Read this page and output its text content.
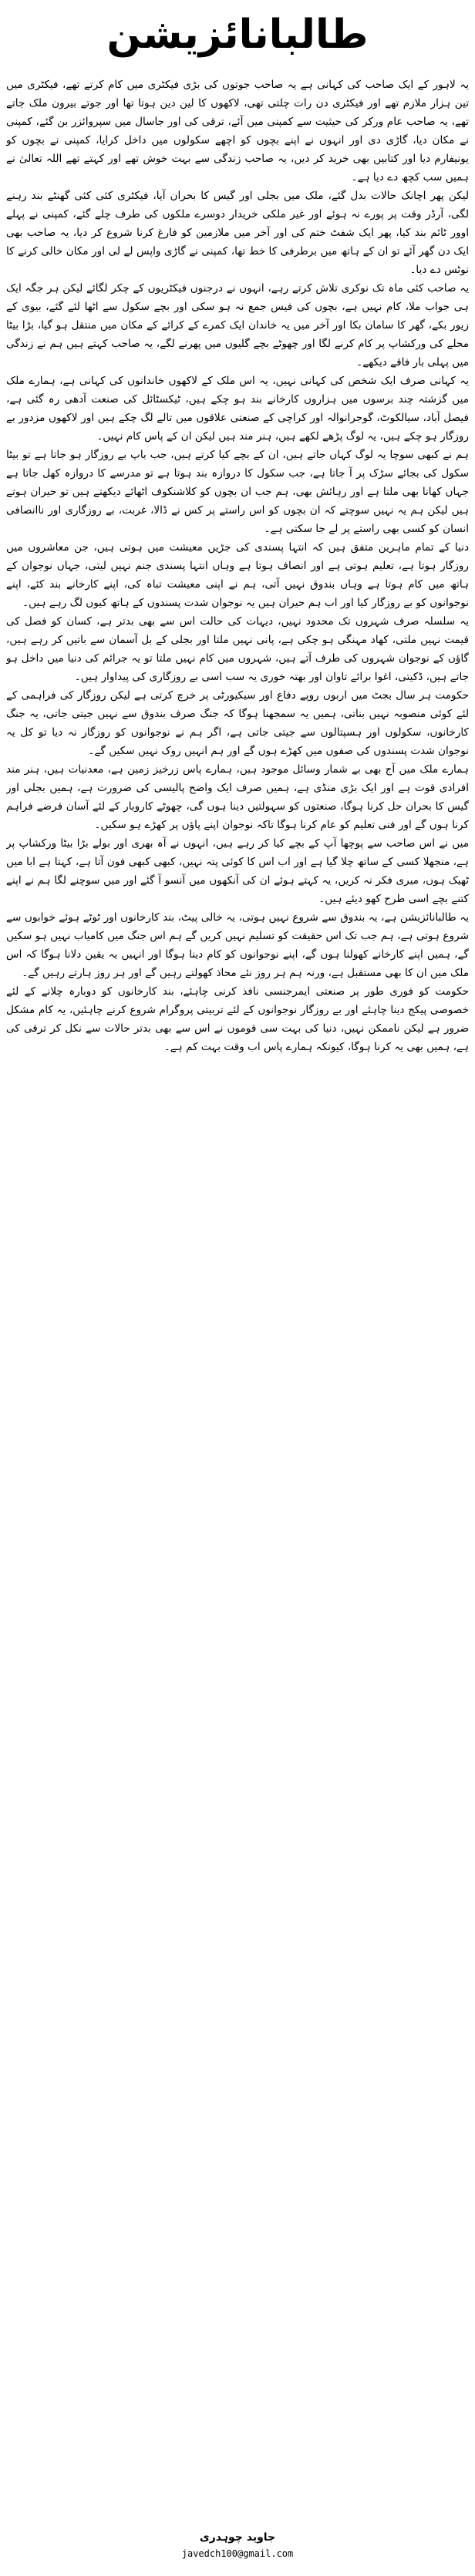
طالبانائزیشن

یہ لاہور کے ایک صاحب کی کہانی ہے یہ صاحب جوتوں کی بڑی فیکٹری میں کام کرتے تھے، فیکٹری میں تین ہزار ملازم تھے اور فیکٹری دن رات چلتی تھی، لاکھوں کا لین دین ہوتا تھا اور جوتے بیرون ملک جاتے تھے، یہ صاحب عام ورکر کی حیثیت سے کمپنی میں آئے، ترقی کی اور جاسال میں سپروائزر بن گئے، کمپنی نے مکان دیا، گاڑی دی اور انہوں نے اپنے بچوں کو اچھے سکولوں میں داخل کرایا، کمپنی نے بچوں کو یونیفارم دیا اور کتابیں بھی خرید کر دیں، یہ صاحب زندگی سے بہت خوش تھے اور کہتے تھے اللہ تعالیٰ نے ہمیں سب کچھ دے دیا ہے۔

لیکن پھر اچانک حالات بدل گئے، ملک میں بجلی اور گیس کا بحران آیا، فیکٹری کئی کئی گھنٹے بند رہنے لگی، آرڈر وقت پر پورے نہ ہوئے اور غیر ملکی خریدار دوسرے ملکوں کی طرف چلے گئے، کمپنی نے پہلے اوور ٹائم بند کیا، پھر ایک شفٹ ختم کی اور آخر میں ملازمین کو فارغ کرنا شروع کر دیا، یہ صاحب بھی ایک دن گھر آئے تو ان کے ہاتھ میں برطرفی کا خط تھا، کمپنی نے گاڑی واپس لے لی اور مکان خالی کرنے کا نوٹس دے دیا۔

یہ صاحب کئی ماہ تک نوکری تلاش کرتے رہے، انہوں نے درجنوں فیکٹریوں کے چکر لگائے لیکن ہر جگہ ایک ہی جواب ملا، کام نہیں ہے، بچوں کی فیس جمع نہ ہو سکی اور بچے سکول سے اٹھا لئے گئے، بیوی کے زیور بکے، گھر کا سامان بکا اور آخر میں یہ خاندان ایک کمرے کے کرائے کے مکان میں منتقل ہو گیا، بڑا بیٹا محلے کی ورکشاپ پر کام کرنے لگا اور چھوٹے بچے گلیوں میں پھرنے لگے، یہ صاحب کہتے ہیں ہم نے زندگی میں پہلی بار فاقے دیکھے۔

یہ کہانی صرف ایک شخص کی کہانی نہیں، یہ اس ملک کے لاکھوں خاندانوں کی کہانی ہے، ہمارے ملک میں گزشتہ چند برسوں میں ہزاروں کارخانے بند ہو چکے ہیں، ٹیکسٹائل کی صنعت آدھی رہ گئی ہے، فیصل آباد، سیالکوٹ، گوجرانوالہ اور کراچی کے صنعتی علاقوں میں تالے لگ چکے ہیں اور لاکھوں مزدور بے روزگار ہو چکے ہیں، یہ لوگ پڑھے لکھے ہیں، ہنر مند ہیں لیکن ان کے پاس کام نہیں۔

ہم نے کبھی سوچا یہ لوگ کہاں جاتے ہیں، ان کے بچے کیا کرتے ہیں، جب باپ بے روزگار ہو جاتا ہے تو بیٹا سکول کی بجائے سڑک پر آ جاتا ہے، جب سکول کا دروازہ بند ہوتا ہے تو مدرسے کا دروازہ کھل جاتا ہے جہاں کھانا بھی ملتا ہے اور رہائش بھی، ہم جب ان بچوں کو کلاشنکوف اٹھائے دیکھتے ہیں تو حیران ہوتے ہیں لیکن ہم یہ نہیں سوچتے کہ ان بچوں کو اس راستے پر کس نے ڈالا، غربت، بے روزگاری اور ناانصافی انسان کو کسی بھی راستے پر لے جا سکتی ہے۔

دنیا کے تمام ماہرین متفق ہیں کہ انتہا پسندی کی جڑیں معیشت میں ہوتی ہیں، جن معاشروں میں روزگار ہوتا ہے، تعلیم ہوتی ہے اور انصاف ہوتا ہے وہاں انتہا پسندی جنم نہیں لیتی، جہاں نوجوان کے ہاتھ میں کام ہوتا ہے وہاں بندوق نہیں آتی، ہم نے اپنی معیشت تباہ کی، اپنے کارخانے بند کئے، اپنے نوجوانوں کو بے روزگار کیا اور اب ہم حیران ہیں یہ نوجوان شدت پسندوں کے ہاتھ کیوں لگ رہے ہیں۔

یہ سلسلہ صرف شہروں تک محدود نہیں، دیہات کی حالت اس سے بھی بدتر ہے، کسان کو فصل کی قیمت نہیں ملتی، کھاد مہنگی ہو چکی ہے، پانی نہیں ملتا اور بجلی کے بل آسمان سے باتیں کر رہے ہیں، گاؤں کے نوجوان شہروں کی طرف آتے ہیں، شہروں میں کام نہیں ملتا تو یہ جرائم کی دنیا میں داخل ہو جاتے ہیں، ڈکیتی، اغوا برائے تاوان اور بھتہ خوری یہ سب اسی بے روزگاری کی پیداوار ہیں۔

حکومت ہر سال بجٹ میں اربوں روپے دفاع اور سیکیورٹی پر خرچ کرتی ہے لیکن روزگار کی فراہمی کے لئے کوئی منصوبہ نہیں بناتی، ہمیں یہ سمجھنا ہوگا کہ جنگ صرف بندوق سے نہیں جیتی جاتی، یہ جنگ کارخانوں، سکولوں اور ہسپتالوں سے جیتی جاتی ہے، اگر ہم نے نوجوانوں کو روزگار نہ دیا تو کل یہ نوجوان شدت پسندوں کی صفوں میں کھڑے ہوں گے اور ہم انہیں روک نہیں سکیں گے۔

ہمارے ملک میں آج بھی بے شمار وسائل موجود ہیں، ہمارے پاس زرخیز زمین ہے، معدنیات ہیں، ہنر مند افرادی قوت ہے اور ایک بڑی منڈی ہے، ہمیں صرف ایک واضح پالیسی کی ضرورت ہے، ہمیں بجلی اور گیس کا بحران حل کرنا ہوگا، صنعتوں کو سہولتیں دینا ہوں گی، چھوٹے کاروبار کے لئے آسان قرضے فراہم کرنا ہوں گے اور فنی تعلیم کو عام کرنا ہوگا تاکہ نوجوان اپنے پاؤں پر کھڑے ہو سکیں۔

میں نے اس صاحب سے پوچھا آپ کے بچے کیا کر رہے ہیں، انہوں نے آہ بھری اور بولے بڑا بیٹا ورکشاپ پر ہے، منجھلا کسی کے ساتھ چلا گیا ہے اور اب اس کا کوئی پتہ نہیں، کبھی کبھی فون آتا ہے، کہتا ہے ابا میں ٹھیک ہوں، میری فکر نہ کریں، یہ کہتے ہوئے ان کی آنکھوں میں آنسو آ گئے اور میں سوچنے لگا ہم نے اپنے کتنے بچے اسی طرح کھو دیئے ہیں۔

یہ طالبانائزیشن ہے، یہ بندوق سے شروع نہیں ہوتی، یہ خالی پیٹ، بند کارخانوں اور ٹوٹے ہوئے خوابوں سے شروع ہوتی ہے، ہم جب تک اس حقیقت کو تسلیم نہیں کریں گے ہم اس جنگ میں کامیاب نہیں ہو سکیں گے، ہمیں اپنے کارخانے کھولنا ہوں گے، اپنے نوجوانوں کو کام دینا ہوگا اور انہیں یہ یقین دلانا ہوگا کہ اس ملک میں ان کا بھی مستقبل ہے، ورنہ ہم ہر روز نئے محاذ کھولتے رہیں گے اور ہر روز ہارتے رہیں گے۔

حکومت کو فوری طور پر صنعتی ایمرجنسی نافذ کرنی چاہئے، بند کارخانوں کو دوبارہ چلانے کے لئے خصوصی پیکج دینا چاہئے اور بے روزگار نوجوانوں کے لئے تربیتی پروگرام شروع کرنے چاہئیں، یہ کام مشکل ضرور ہے لیکن ناممکن نہیں، دنیا کی بہت سی قوموں نے اس سے بھی بدتر حالات سے نکل کر ترقی کی ہے، ہمیں بھی یہ کرنا ہوگا، کیونکہ ہمارے پاس اب وقت بہت کم ہے۔

جاوید چوہدری
javedch100@gmail.com
